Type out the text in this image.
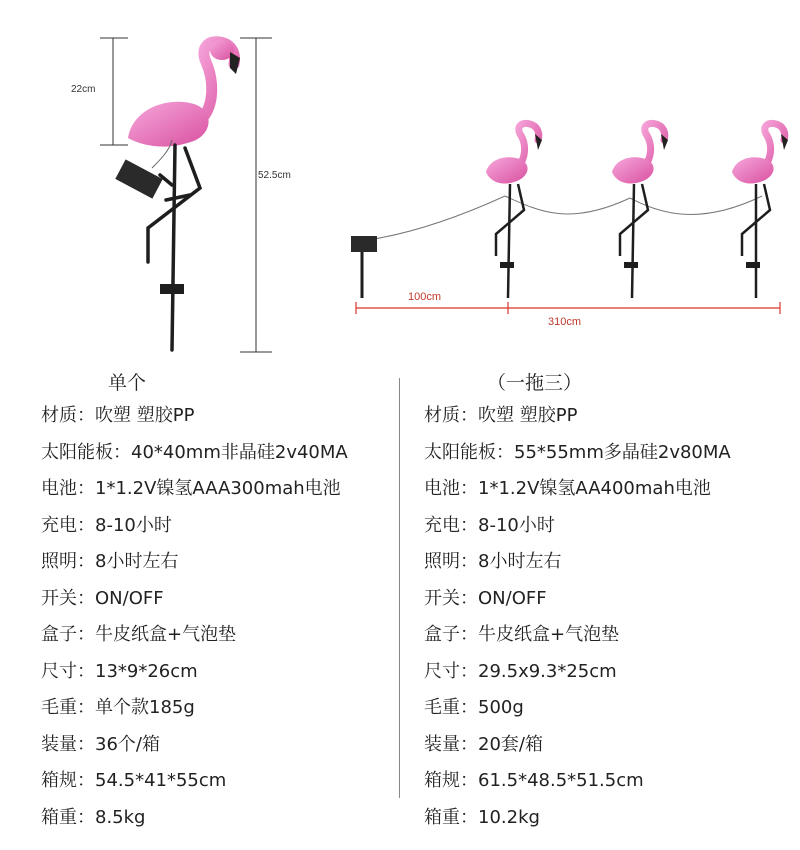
22cm
52.5cm
100cm
310cm
单个	（一拖三）
材质：吹塑 塑胶PP
太阳能板：40*40mm非晶硅2v40MA
电池：1*1.2V镍氢AAA300mah电池
充电：8-10小时
照明：8小时左右
开关：ON/OFF
盒子：牛皮纸盒+气泡垫
尺寸：13*9*26cm
毛重：单个款185g
装量：36个/箱
箱规：54.5*41*55cm
箱重：8.5kg
材质：吹塑 塑胶PP
太阳能板：55*55mm多晶硅2v80MA
电池：1*1.2V镍氢AA400mah电池
充电：8-10小时
照明：8小时左右
开关：ON/OFF
盒子：牛皮纸盒+气泡垫
尺寸：29.5x9.3*25cm
毛重：500g
装量：20套/箱
箱规：61.5*48.5*51.5cm
箱重：10.2kg
